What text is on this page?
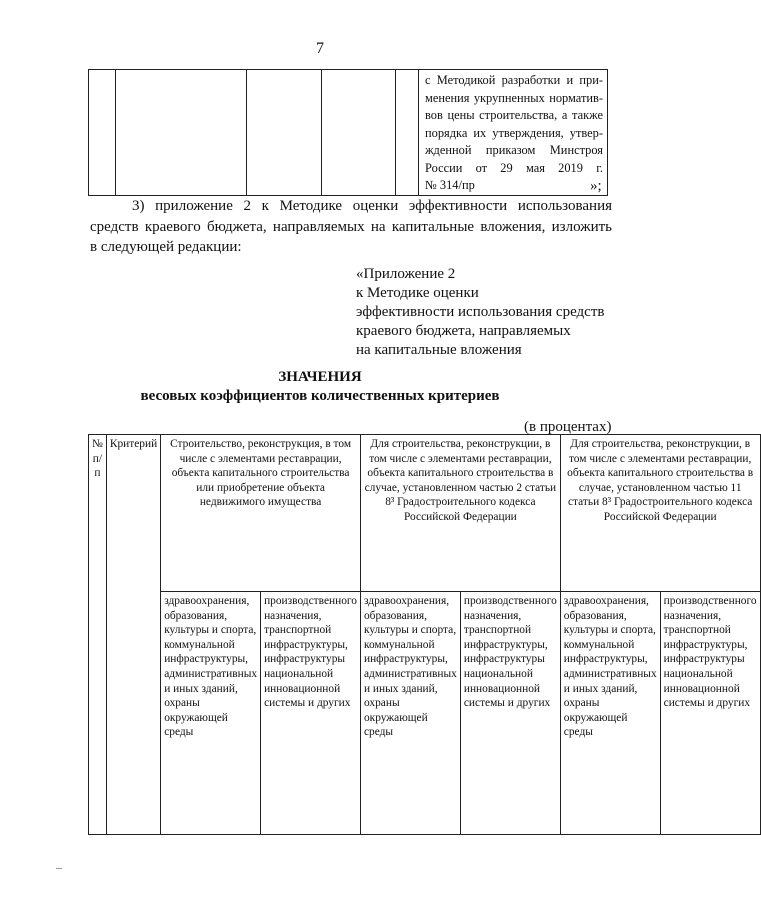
7

с Методикой разработки и при-
менения укрупненных норматив-
вов цены строительства, а также
порядка их утверждения, утвер-
жденной приказом Минстроя
России от 29 мая 2019 г.
№ 314/пр	»;
3) приложение 2 к Методике оценки эффективности использования
средств краевого бюджета, направляемых на капитальные вложения, изложить
в следующей редакции:
«Приложение 2
к Методике оценки
эффективности использования средств
краевого бюджета, направляемых
на капитальные вложения
ЗНАЧЕНИЯ
весовых коэффициентов количественных критериев
(в процентах)
№ п/п	Критерий	Строительство, реконструкция, в том числе с элементами реставрации, объекта капитального строительства или приобретение объекта недвижимого имущества		Для строительства, реконструкции, в том числе с элементами реставрации, объекта капитального строительства в случае, установленном частью 2 статьи 8³ Градостроительного кодекса Российской Федерации		Для строительства, реконструкции, в том числе с элементами реставрации, объекта капитального строительства в случае, установленном частью 11 статьи 8³ Градостроительного кодекса Российской Федерации	
		здравоохранения, образования, культуры и спорта, коммунальной инфраструктуры, административных и иных зданий, охраны окружающей среды	производственного назначения, транспортной инфраструктуры, инфраструктуры национальной инновационной системы и других	здравоохранения, образования, культуры и спорта, коммунальной инфраструктуры, административных и иных зданий, охраны окружающей среды	производственного назначения, транспортной инфраструктуры, инфраструктуры национальной инновационной системы и других	здравоохранения, образования, культуры и спорта, коммунальной инфраструктуры, административных и иных зданий, охраны окружающей среды	производственного назначения, транспортной инфраструктуры, инфраструктуры национальной инновационной системы и других
